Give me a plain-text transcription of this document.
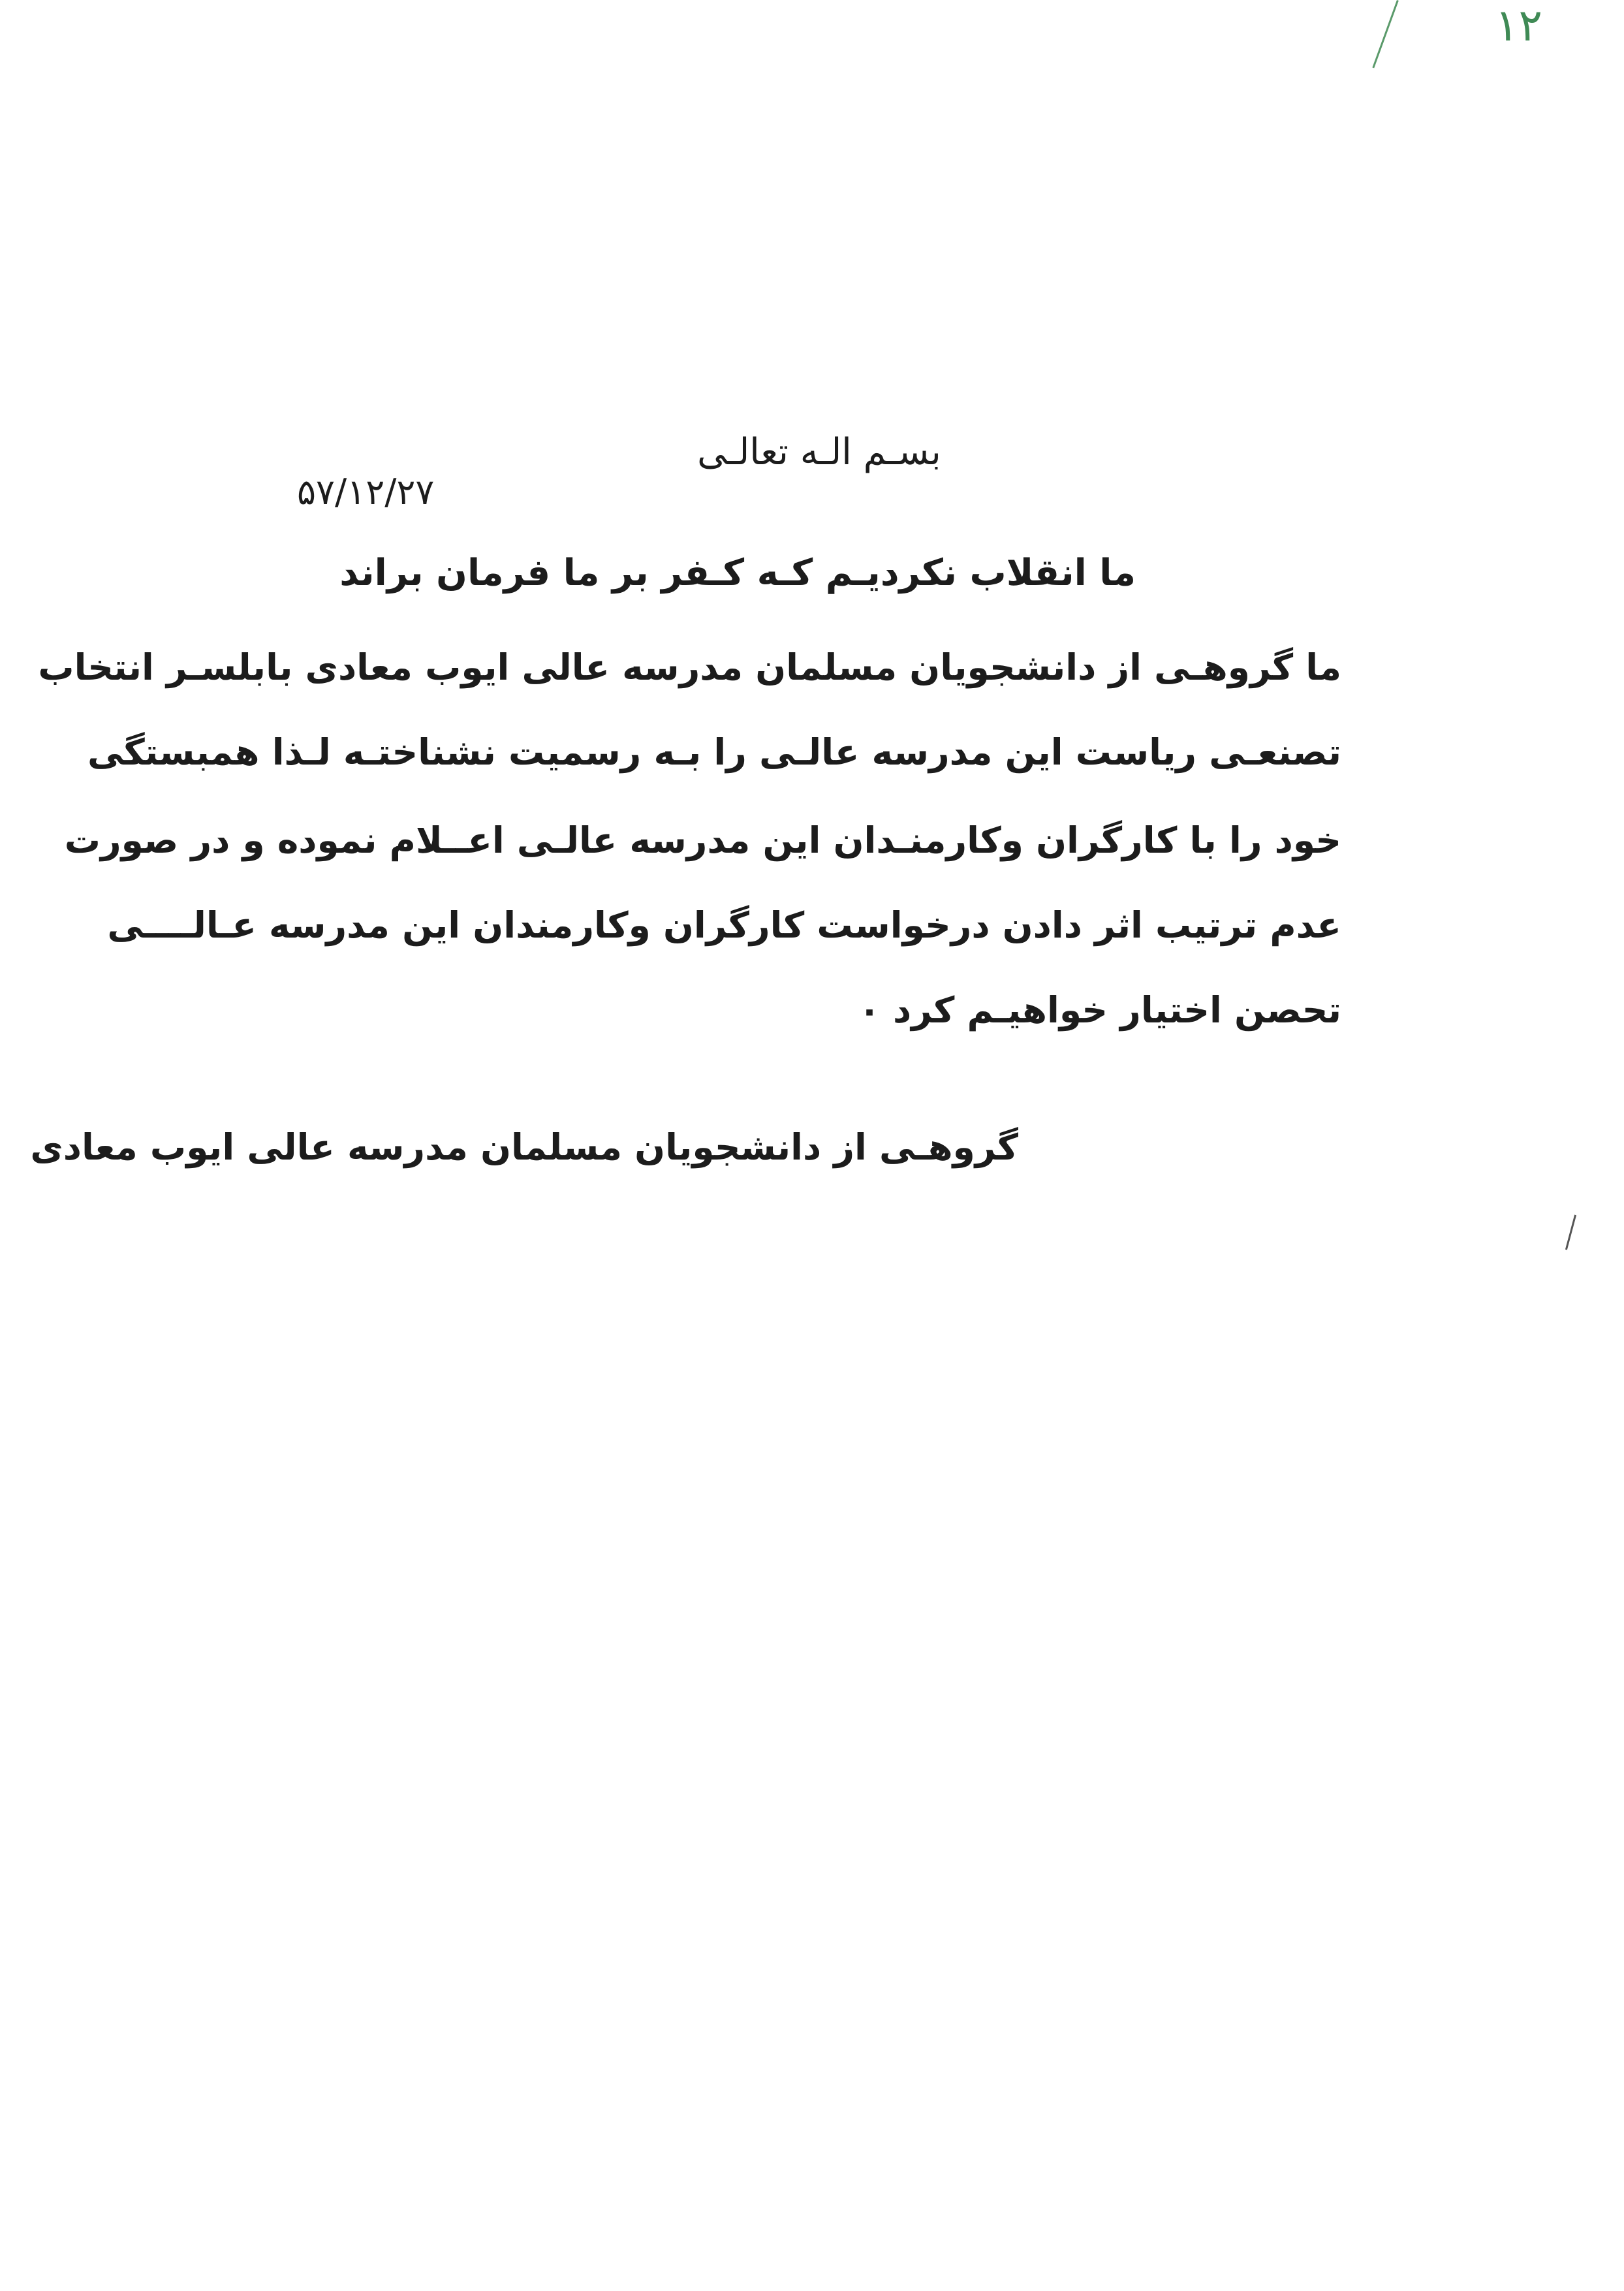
۱۲
بسـم الـه تعالـی
۵۷/۱۲/۲۷
ما انقلاب نکردیـم کـه کـفر بر ما فرمان براند
ما گروهـی از دانشجویان مسلمان مدرسه عالی ایوب معادی بابلسـر انتخاب
تصنعـی ریاست این مدرسه عالـی را بـه رسمیت نشناختـه لـذا همبستگی
خود را با کارگران وکارمنـدان این مدرسه عالـی اعــلام نموده و در صورت
عدم ترتیب اثر دادن درخواست کارگران وکارمندان این مدرسه عـالــــی
تحصن اختیار خواهیـم کرد ۰
گروهـی از دانشجویان مسلمان مدرسه عالی ایوب معادی
